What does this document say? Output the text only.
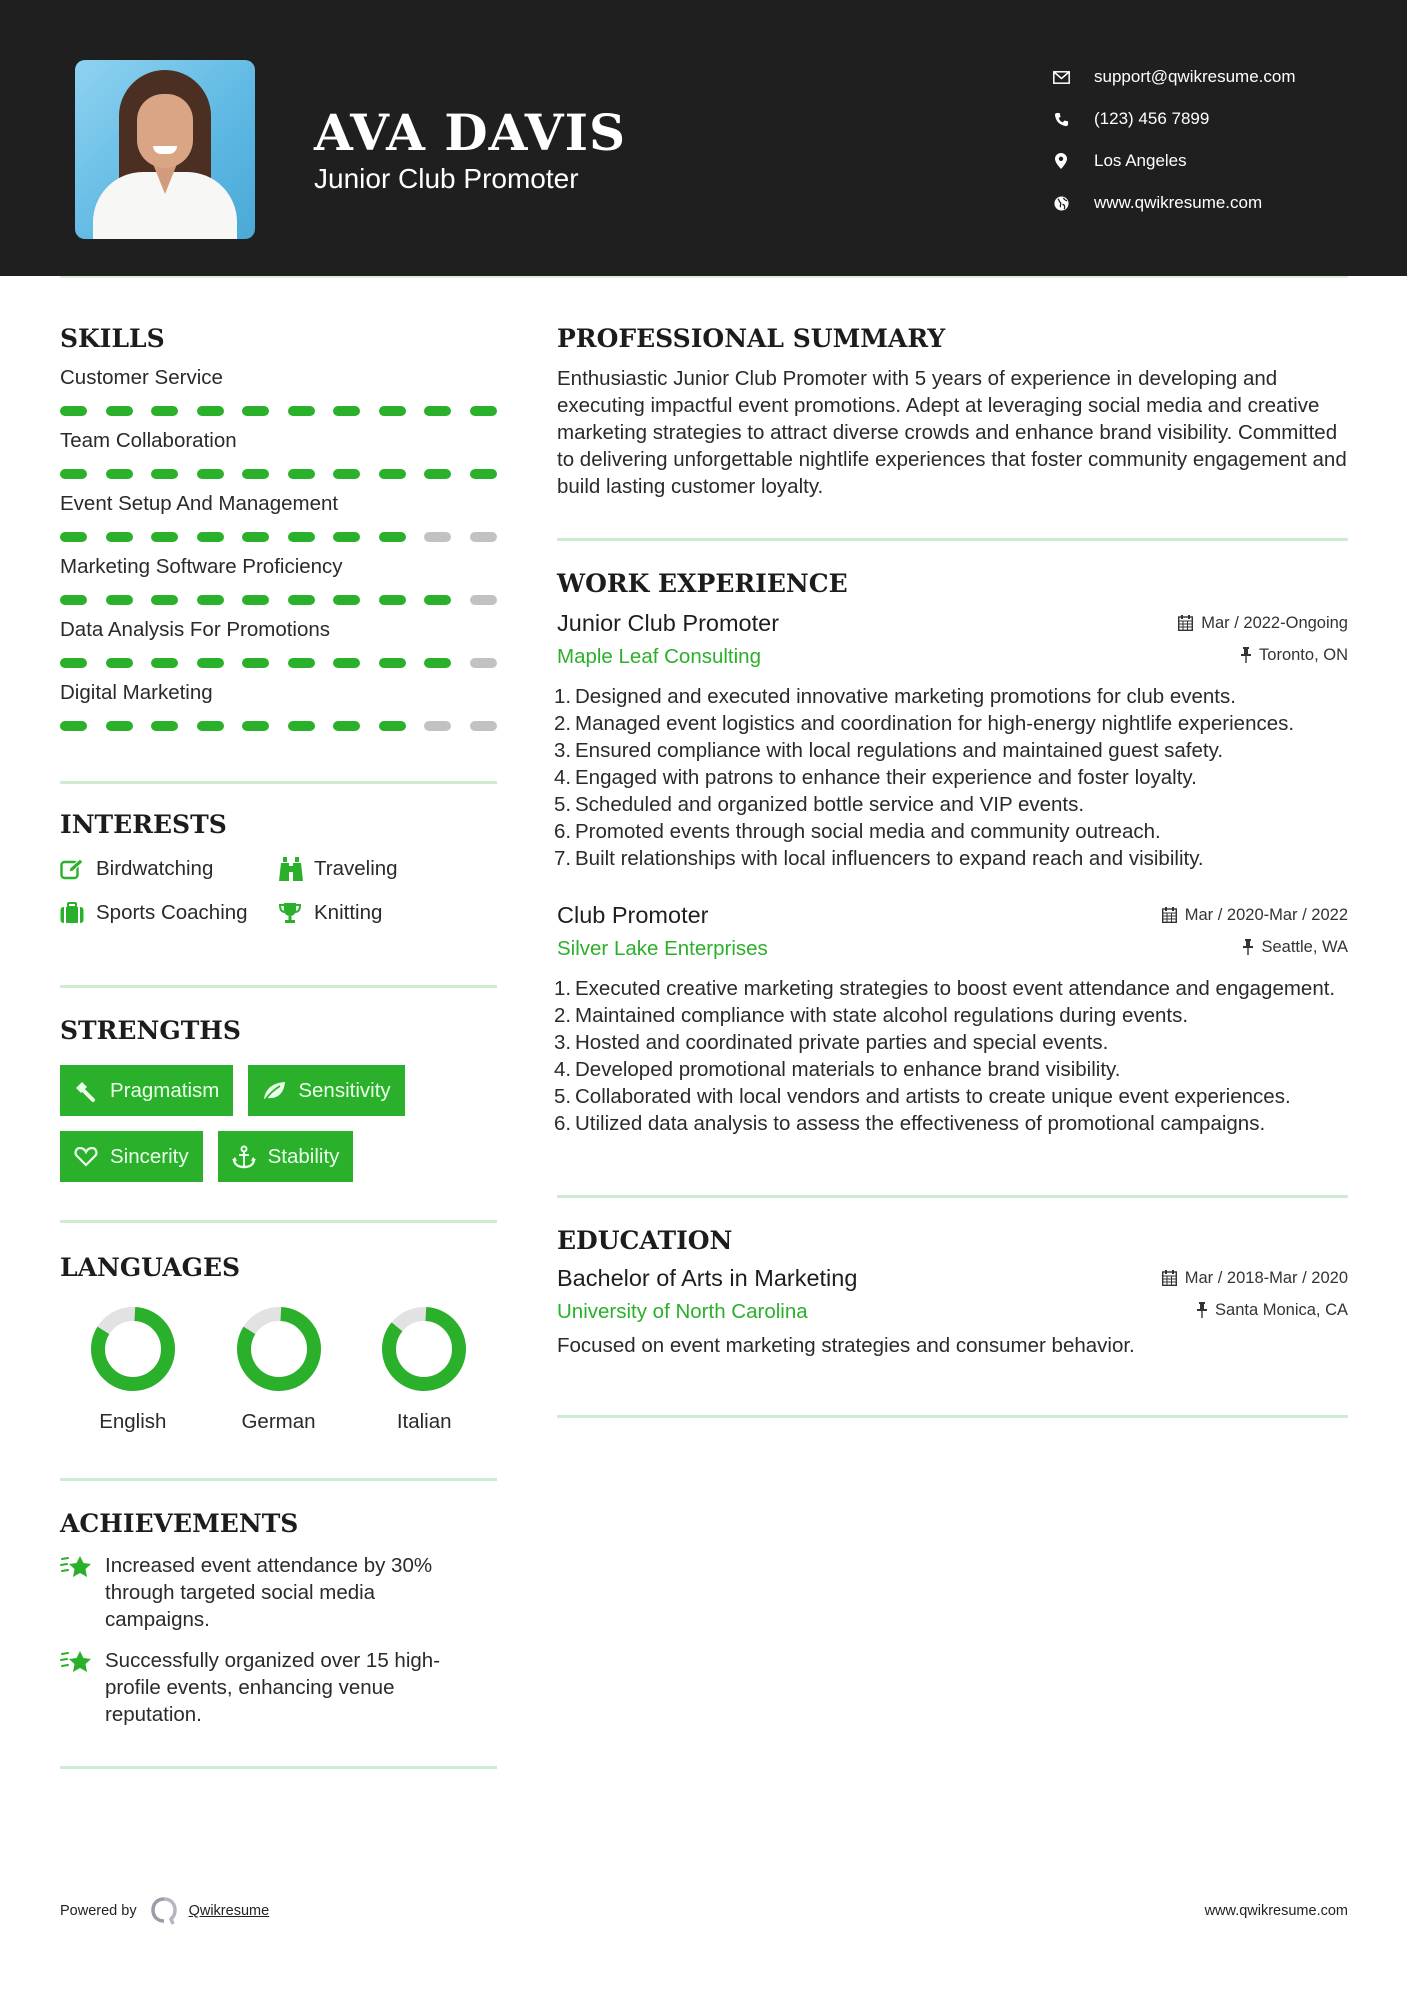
AVA DAVIS
Junior Club Promoter
support@qwikresume.com
(123) 456 7899
Los Angeles
www.qwikresume.com
SKILLS
Customer Service
Team Collaboration
Event Setup And Management
Marketing Software Proficiency
Data Analysis For Promotions
Digital Marketing
INTERESTS
Birdwatching	Traveling
Sports Coaching	Knitting
STRENGTHS
Pragmatism	Sensitivity
Sincerity	Stability
LANGUAGES
English	German	Italian
ACHIEVEMENTS
Increased event attendance by 30% through targeted social media campaigns.
Successfully organized over 15 high-profile events, enhancing venue reputation.
PROFESSIONAL SUMMARY
Enthusiastic Junior Club Promoter with 5 years of experience in developing and executing impactful event promotions. Adept at leveraging social media and creative marketing strategies to attract diverse crowds and enhance brand visibility. Committed to delivering unforgettable nightlife experiences that foster community engagement and build lasting customer loyalty.
WORK EXPERIENCE
Junior Club Promoter	Mar / 2022-Ongoing
Maple Leaf Consulting	Toronto, ON
1. Designed and executed innovative marketing promotions for club events.
2. Managed event logistics and coordination for high-energy nightlife experiences.
3. Ensured compliance with local regulations and maintained guest safety.
4. Engaged with patrons to enhance their experience and foster loyalty.
5. Scheduled and organized bottle service and VIP events.
6. Promoted events through social media and community outreach.
7. Built relationships with local influencers to expand reach and visibility.
Club Promoter	Mar / 2020-Mar / 2022
Silver Lake Enterprises	Seattle, WA
1. Executed creative marketing strategies to boost event attendance and engagement.
2. Maintained compliance with state alcohol regulations during events.
3. Hosted and coordinated private parties and special events.
4. Developed promotional materials to enhance brand visibility.
5. Collaborated with local vendors and artists to create unique event experiences.
6. Utilized data analysis to assess the effectiveness of promotional campaigns.
EDUCATION
Bachelor of Arts in Marketing	Mar / 2018-Mar / 2020
University of North Carolina	Santa Monica, CA
Focused on event marketing strategies and consumer behavior.
Powered by	Qwikresume	www.qwikresume.com
